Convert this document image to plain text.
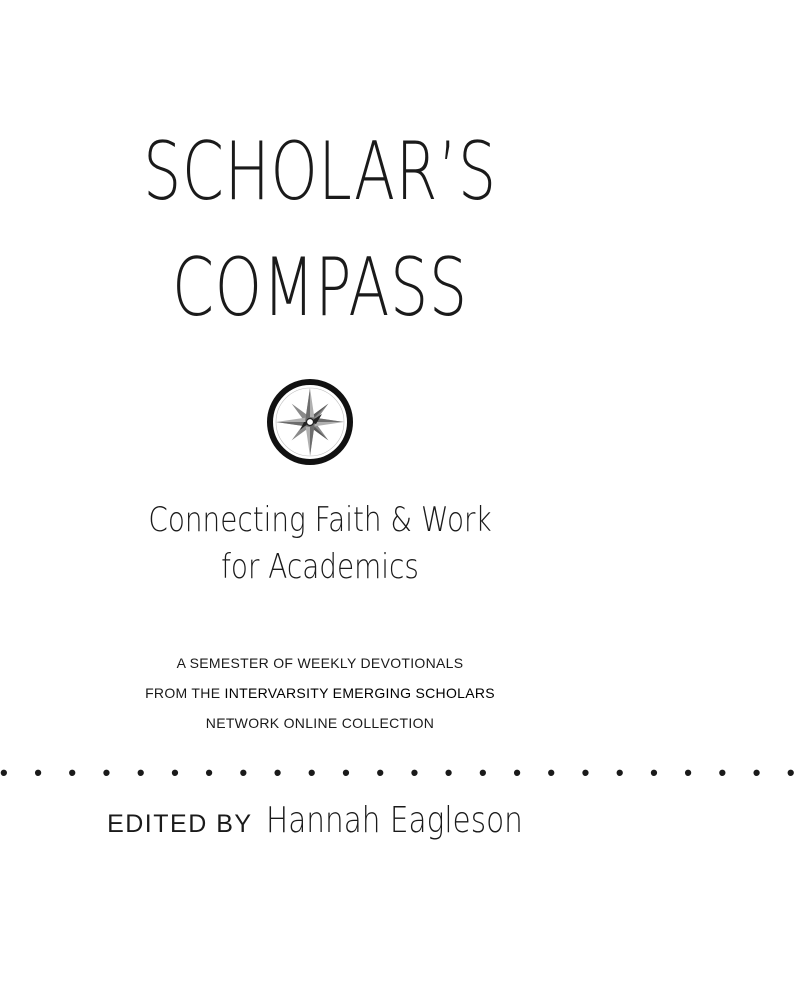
SCHOLAR’S
COMPASS
Connecting Faith & Work
for Academics
A SEMESTER OF WEEKLY DEVOTIONALS
FROM THE INTERVARSITY EMERGING SCHOLARS
NETWORK ONLINE COLLECTION
• • • • • • • • • • • • • • • • • • • • • • • •
EDITED BY Hannah Eagleson
